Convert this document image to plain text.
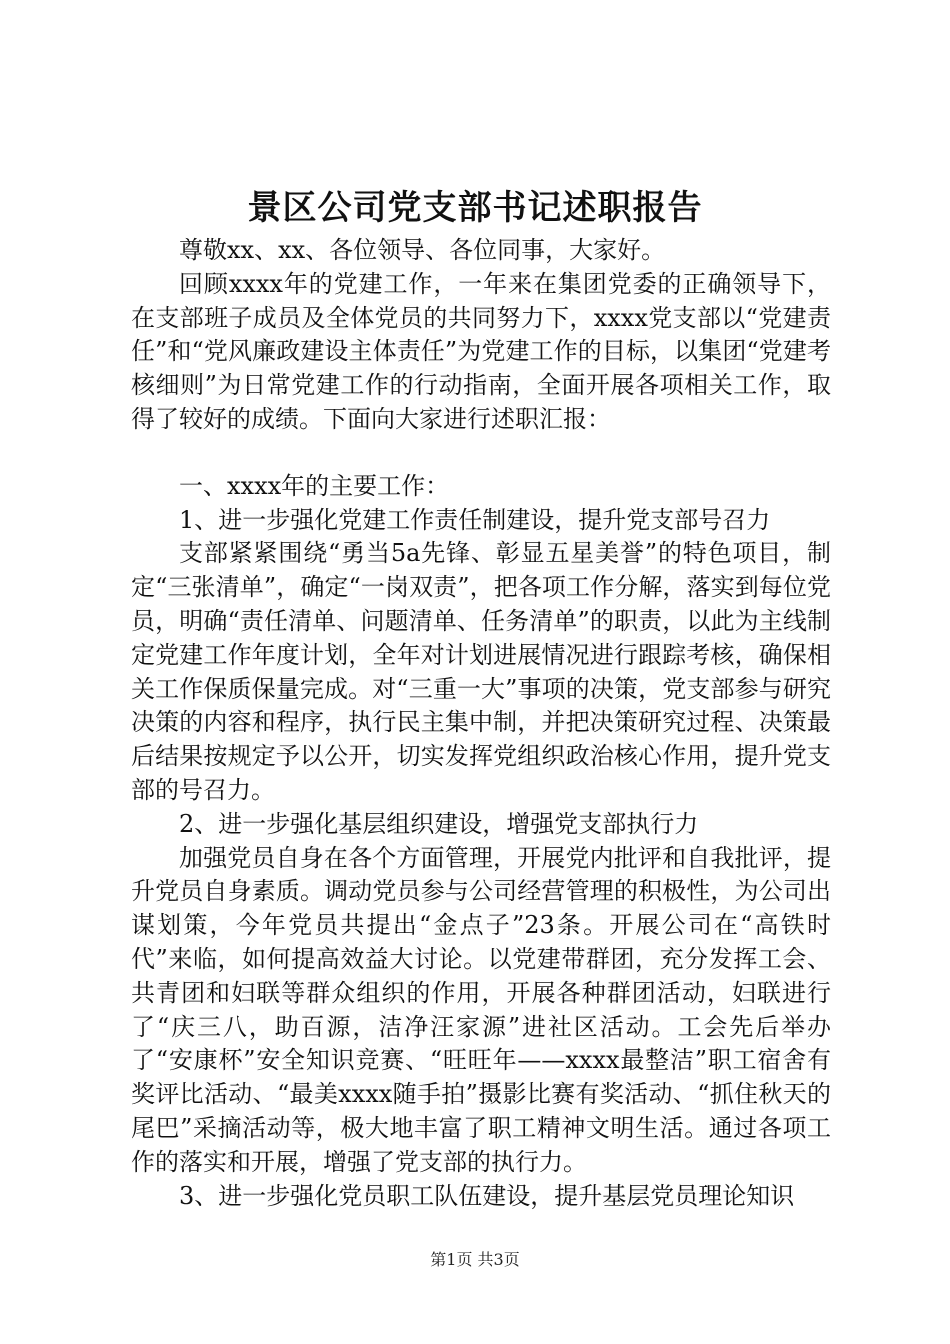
景区公司党支部书记述职报告

尊敬xx、xx、各位领导、各位同事，大家好。

回顾xxxx年的党建工作，一年来在集团党委的正确领导下，在支部班子成员及全体党员的共同努力下，xxxx党支部以“党建责任”和“党风廉政建设主体责任”为党建工作的目标，以集团“党建考核细则”为日常党建工作的行动指南，全面开展各项相关工作，取得了较好的成绩。下面向大家进行述职汇报：

一、xxxx年的主要工作：

1、进一步强化党建工作责任制建设，提升党支部号召力

支部紧紧围绕“勇当5a先锋、彰显五星美誉”的特色项目，制定“三张清单”，确定“一岗双责”，把各项工作分解，落实到每位党员，明确“责任清单、问题清单、任务清单”的职责，以此为主线制定党建工作年度计划，全年对计划进展情况进行跟踪考核，确保相关工作保质保量完成。对“三重一大”事项的决策，党支部参与研究决策的内容和程序，执行民主集中制，并把决策研究过程、决策最后结果按规定予以公开，切实发挥党组织政治核心作用，提升党支部的号召力。

2、进一步强化基层组织建设，增强党支部执行力

加强党员自身在各个方面管理，开展党内批评和自我批评，提升党员自身素质。调动党员参与公司经营管理的积极性，为公司出谋划策，今年党员共提出“金点子”23条。开展公司在“高铁时代”来临，如何提高效益大讨论。以党建带群团，充分发挥工会、共青团和妇联等群众组织的作用，开展各种群团活动，妇联进行了“庆三八，助百源，洁净汪家源”进社区活动。工会先后举办了“安康杯”安全知识竞赛、“旺旺年——xxxx最整洁”职工宿舍有奖评比活动、“最美xxxx随手拍”摄影比赛有奖活动、“抓住秋天的尾巴”采摘活动等，极大地丰富了职工精神文明生活。通过各项工作的落实和开展，增强了党支部的执行力。

3、进一步强化党员职工队伍建设，提升基层党员理论知识

第1页 共3页
